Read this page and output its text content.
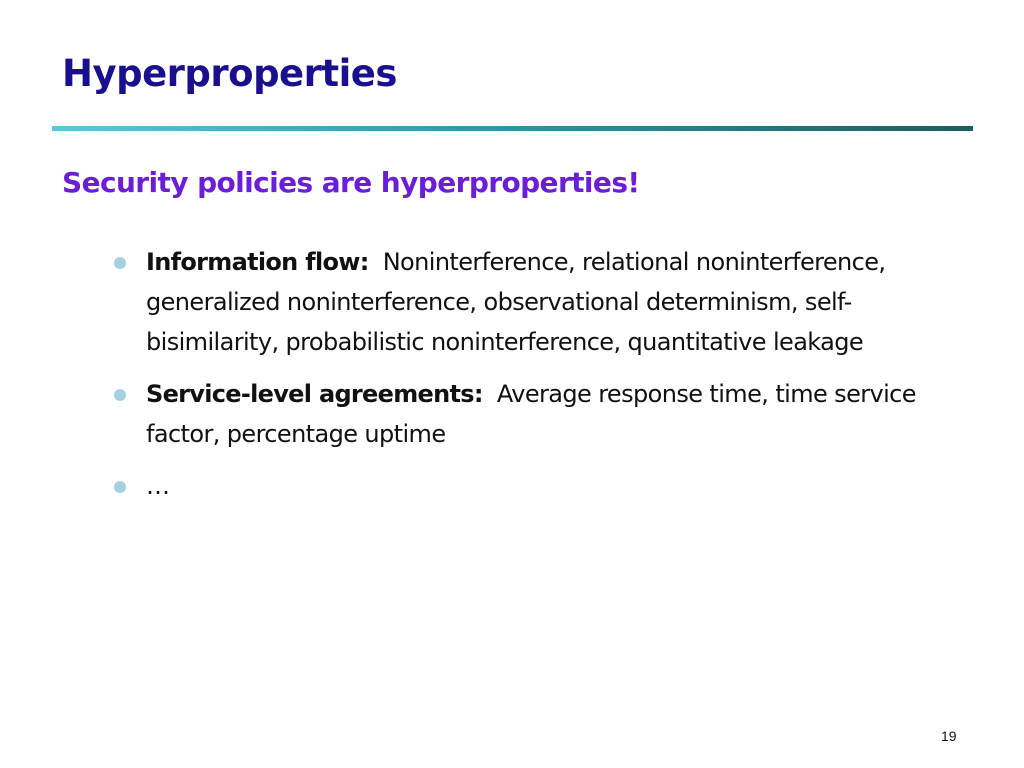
Hyperproperties
Security policies are hyperproperties!
Information flow: Noninterference, relational noninterference, generalized noninterference, observational determinism, self-bisimilarity, probabilistic noninterference, quantitative leakage
Service-level agreements: Average response time, time service factor, percentage uptime
…
19
